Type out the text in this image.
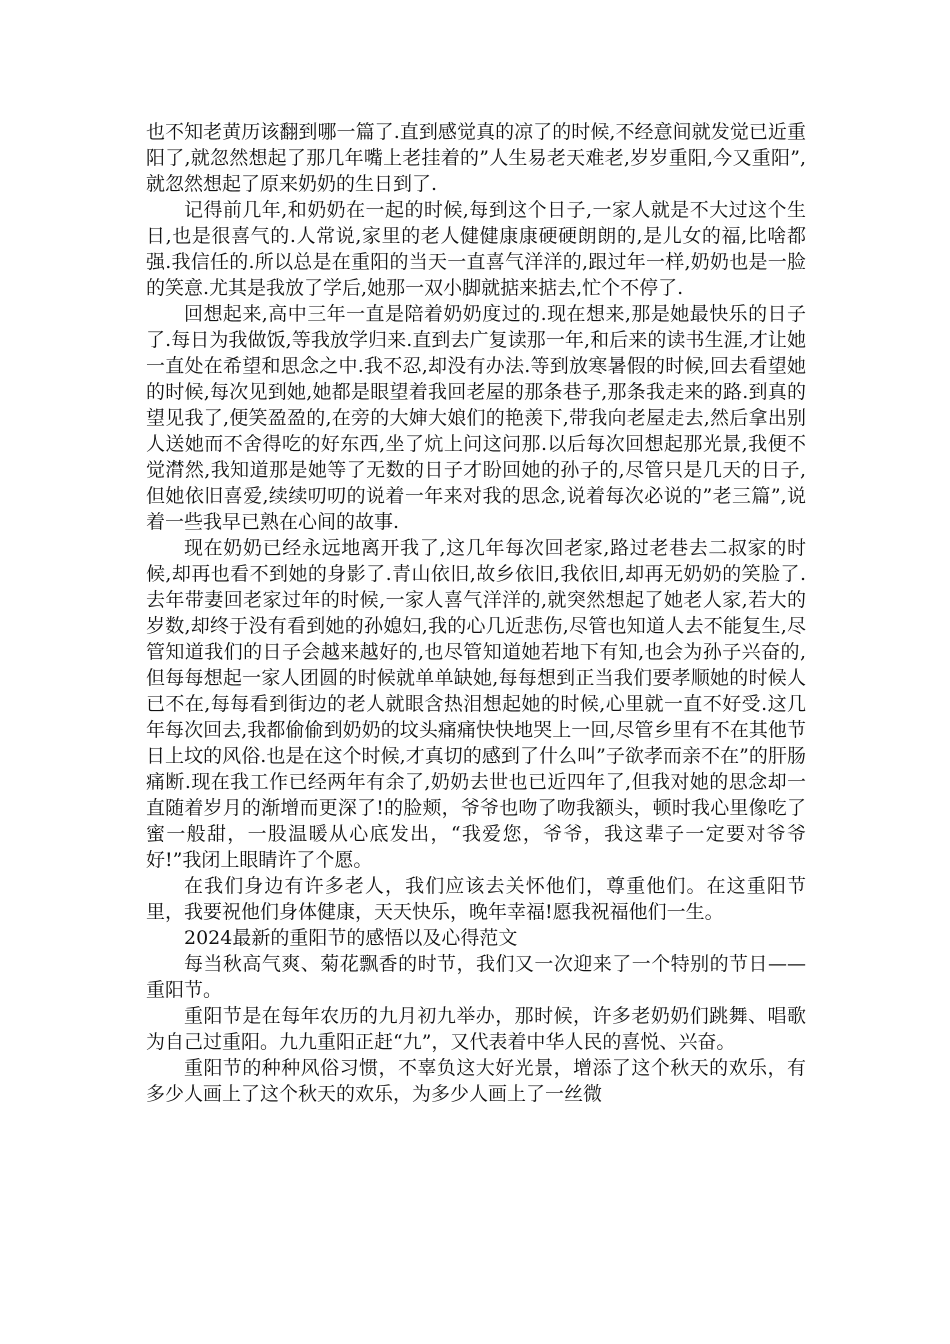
也不知老黄历该翻到哪一篇了.直到感觉真的凉了的时候,不经意间就发觉已近重阳了,就忽然想起了那几年嘴上老挂着的”人生易老天难老,岁岁重阳,今又重阳”,就忽然想起了原来奶奶的生日到了.

记得前几年,和奶奶在一起的时候,每到这个日子,一家人就是不大过这个生日,也是很喜气的.人常说,家里的老人健健康康硬硬朗朗的,是儿女的福,比啥都强.我信任的.所以总是在重阳的当天一直喜气洋洋的,跟过年一样,奶奶也是一脸的笑意.尤其是我放了学后,她那一双小脚就掂来掂去,忙个不停了.

回想起来,高中三年一直是陪着奶奶度过的.现在想来,那是她最快乐的日子了.每日为我做饭,等我放学归来.直到去广复读那一年,和后来的读书生涯,才让她一直处在希望和思念之中.我不忍,却没有办法.等到放寒暑假的时候,回去看望她的时候,每次见到她,她都是眼望着我回老屋的那条巷子,那条我走来的路.到真的望见我了,便笑盈盈的,在旁的大婶大娘们的艳羡下,带我向老屋走去,然后拿出别人送她而不舍得吃的好东西,坐了炕上问这问那.以后每次回想起那光景,我便不觉潸然,我知道那是她等了无数的日子才盼回她的孙子的,尽管只是几天的日子,但她依旧喜爱,续续叨叨的说着一年来对我的思念,说着每次必说的”老三篇”,说着一些我早已熟在心间的故事.

现在奶奶已经永远地离开我了,这几年每次回老家,路过老巷去二叔家的时候,却再也看不到她的身影了.青山依旧,故乡依旧,我依旧,却再无奶奶的笑脸了.去年带妻回老家过年的时候,一家人喜气洋洋的,就突然想起了她老人家,若大的岁数,却终于没有看到她的孙媳妇,我的心几近悲伤,尽管也知道人去不能复生,尽管知道我们的日子会越来越好的,也尽管知道她若地下有知,也会为孙子兴奋的,但每每想起一家人团圆的时候就单单缺她,每每想到正当我们要孝顺她的时候人已不在,每每看到街边的老人就眼含热泪想起她的时候,心里就一直不好受.这几年每次回去,我都偷偷到奶奶的坟头痛痛快快地哭上一回,尽管乡里有不在其他节日上坟的风俗.也是在这个时候,才真切的感到了什么叫”子欲孝而亲不在”的肝肠痛断.现在我工作已经两年有余了,奶奶去世也已近四年了,但我对她的思念却一直随着岁月的渐增而更深了!的脸颊，爷爷也吻了吻我额头，顿时我心里像吃了蜜一般甜，一股温暖从心底发出，“我爱您，爷爷，我这辈子一定要对爷爷好!”我闭上眼睛许了个愿。

在我们身边有许多老人，我们应该去关怀他们，尊重他们。在这重阳节里，我要祝他们身体健康，天天快乐，晚年幸福!愿我祝福他们一生。

2024最新的重阳节的感悟以及心得范文

每当秋高气爽、菊花飘香的时节，我们又一次迎来了一个特别的节日——重阳节。

重阳节是在每年农历的九月初九举办，那时候，许多老奶奶们跳舞、唱歌为自己过重阳。九九重阳正赶“九”，又代表着中华人民的喜悦、兴奋。

重阳节的种种风俗习惯，不辜负这大好光景，增添了这个秋天的欢乐，有多少人画上了这个秋天的欢乐，为多少人画上了一丝微
